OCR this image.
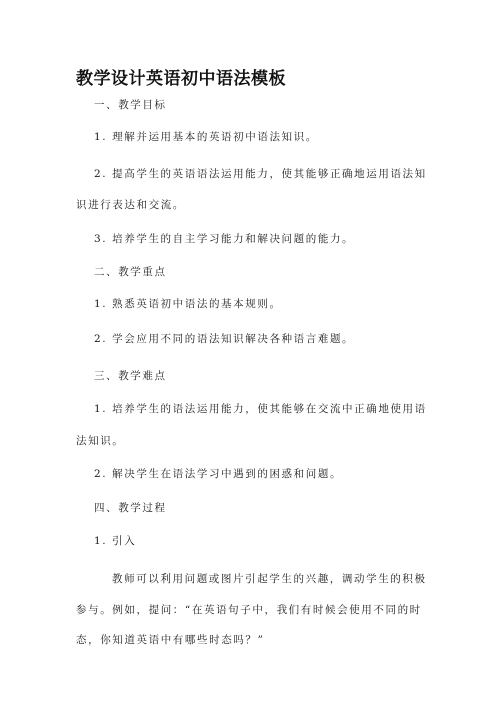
教学设计英语初中语法模板
一、教学目标
1. 理解并运用基本的英语初中语法知识。
2. 提高学生的英语语法运用能力，使其能够正确地运用语法知
识进行表达和交流。
3. 培养学生的自主学习能力和解决问题的能力。
二、教学重点
1. 熟悉英语初中语法的基本规则。
2. 学会应用不同的语法知识解决各种语言难题。
三、教学难点
1. 培养学生的语法运用能力，使其能够在交流中正确地使用语
法知识。
2. 解决学生在语法学习中遇到的困惑和问题。
四、教学过程
1. 引入
教师可以利用问题或图片引起学生的兴趣，调动学生的积极
参与。例如，提问：“在英语句子中，我们有时候会使用不同的时
态，你知道英语中有哪些时态吗？”
